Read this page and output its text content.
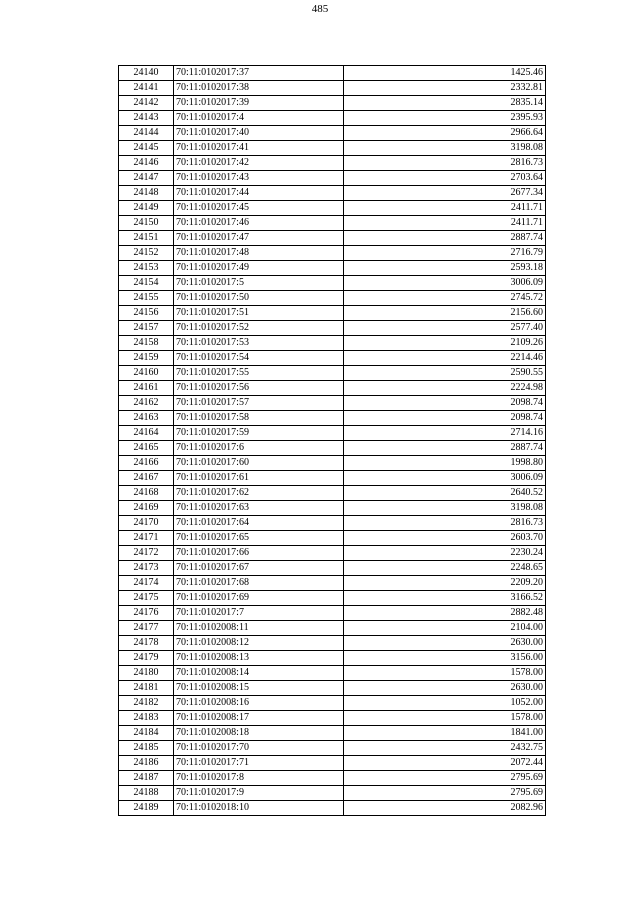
485
24140	70:11:0102017:37	1425.46
24141	70:11:0102017:38	2332.81
24142	70:11:0102017:39	2835.14
24143	70:11:0102017:4	2395.93
24144	70:11:0102017:40	2966.64
24145	70:11:0102017:41	3198.08
24146	70:11:0102017:42	2816.73
24147	70:11:0102017:43	2703.64
24148	70:11:0102017:44	2677.34
24149	70:11:0102017:45	2411.71
24150	70:11:0102017:46	2411.71
24151	70:11:0102017:47	2887.74
24152	70:11:0102017:48	2716.79
24153	70:11:0102017:49	2593.18
24154	70:11:0102017:5	3006.09
24155	70:11:0102017:50	2745.72
24156	70:11:0102017:51	2156.60
24157	70:11:0102017:52	2577.40
24158	70:11:0102017:53	2109.26
24159	70:11:0102017:54	2214.46
24160	70:11:0102017:55	2590.55
24161	70:11:0102017:56	2224.98
24162	70:11:0102017:57	2098.74
24163	70:11:0102017:58	2098.74
24164	70:11:0102017:59	2714.16
24165	70:11:0102017:6	2887.74
24166	70:11:0102017:60	1998.80
24167	70:11:0102017:61	3006.09
24168	70:11:0102017:62	2640.52
24169	70:11:0102017:63	3198.08
24170	70:11:0102017:64	2816.73
24171	70:11:0102017:65	2603.70
24172	70:11:0102017:66	2230.24
24173	70:11:0102017:67	2248.65
24174	70:11:0102017:68	2209.20
24175	70:11:0102017:69	3166.52
24176	70:11:0102017:7	2882.48
24177	70:11:0102008:11	2104.00
24178	70:11:0102008:12	2630.00
24179	70:11:0102008:13	3156.00
24180	70:11:0102008:14	1578.00
24181	70:11:0102008:15	2630.00
24182	70:11:0102008:16	1052.00
24183	70:11:0102008:17	1578.00
24184	70:11:0102008:18	1841.00
24185	70:11:0102017:70	2432.75
24186	70:11:0102017:71	2072.44
24187	70:11:0102017:8	2795.69
24188	70:11:0102017:9	2795.69
24189	70:11:0102018:10	2082.96
